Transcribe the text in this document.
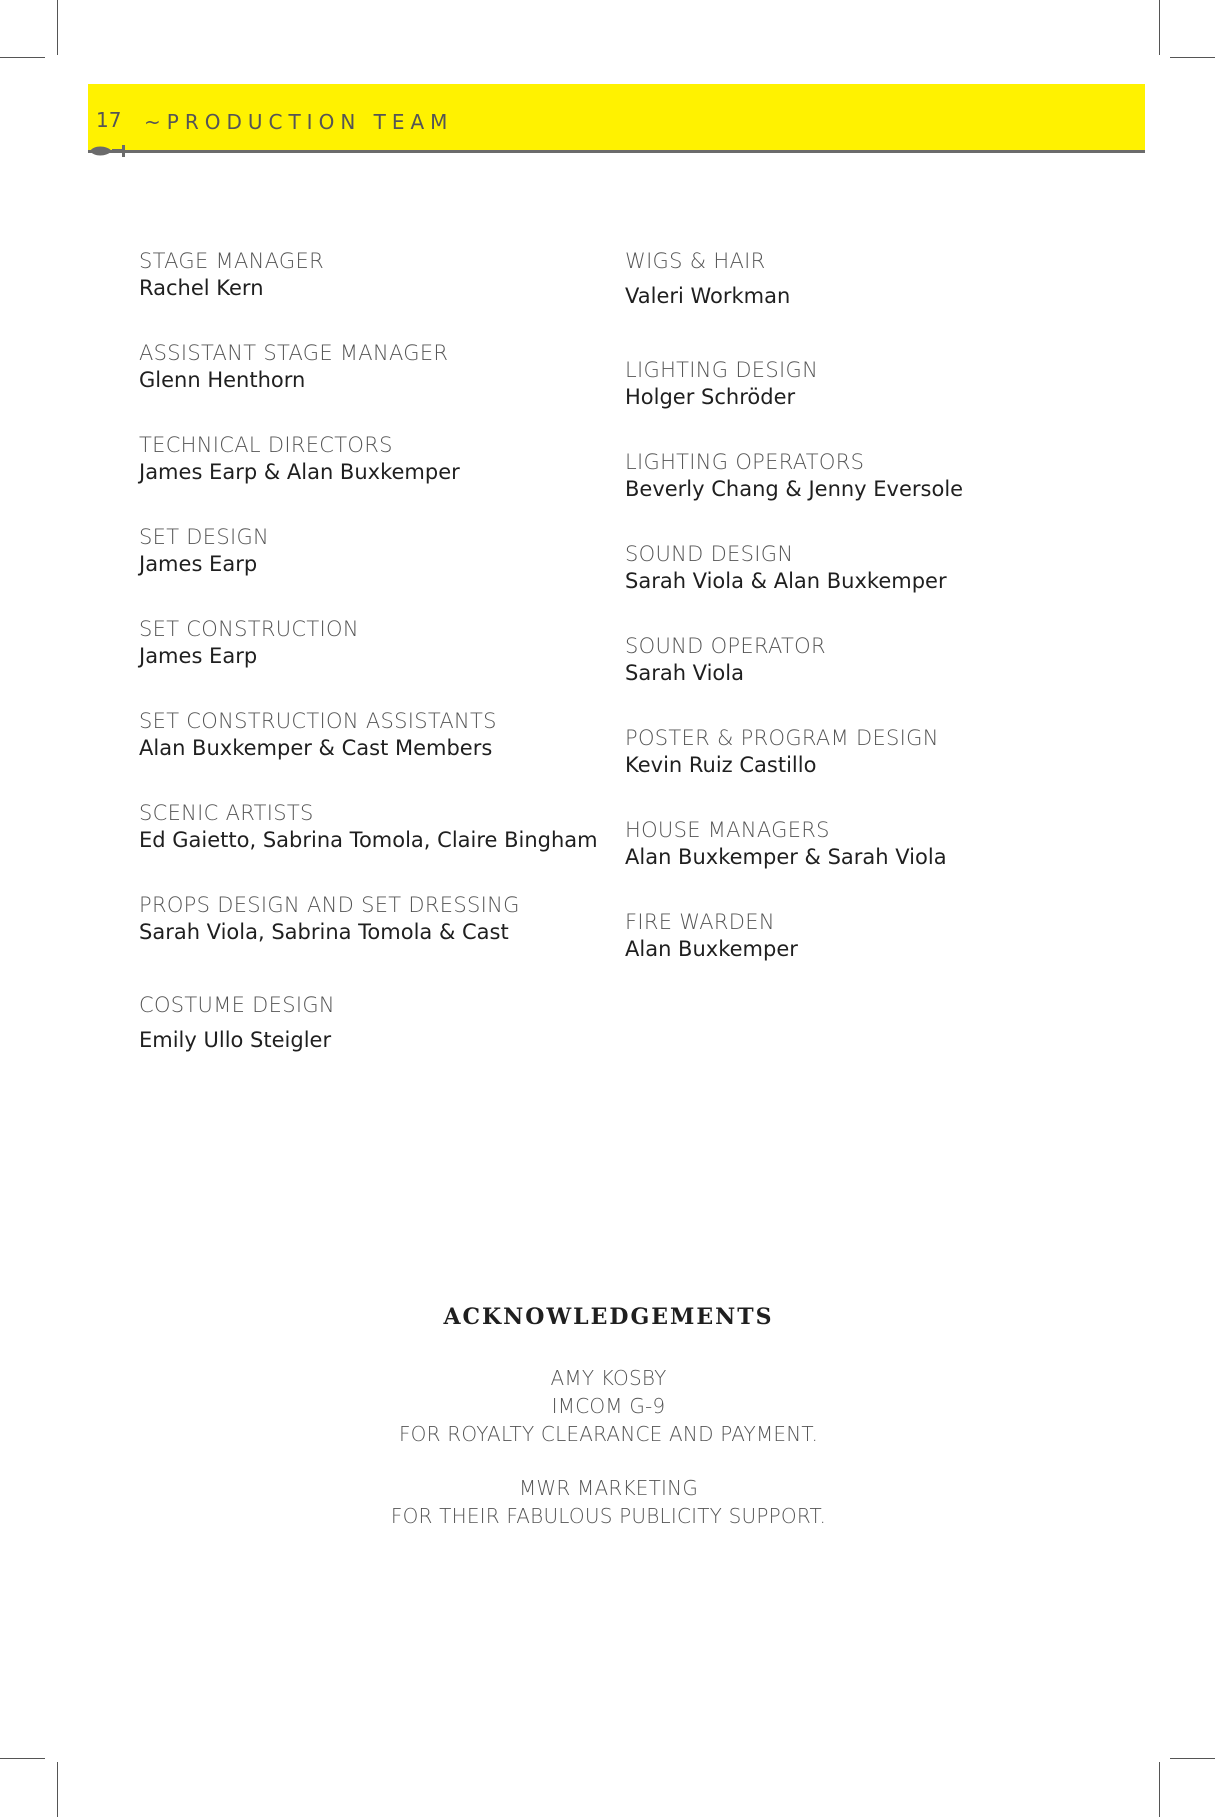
17 ~PRODUCTION TEAM
STAGE MANAGER
Rachel Kern
ASSISTANT STAGE MANAGER
Glenn Henthorn
TECHNICAL DIRECTORS
James Earp & Alan Buxkemper
SET DESIGN
James Earp
SET CONSTRUCTION
James Earp
SET CONSTRUCTION ASSISTANTS
Alan Buxkemper & Cast Members
SCENIC ARTISTS
Ed Gaietto, Sabrina Tomola, Claire Bingham
PROPS DESIGN AND SET DRESSING
Sarah Viola, Sabrina Tomola & Cast
COSTUME DESIGN
Emily Ullo Steigler
WIGS & HAIR
Valeri Workman
LIGHTING DESIGN
Holger Schröder
LIGHTING OPERATORS
Beverly Chang & Jenny Eversole
SOUND DESIGN
Sarah Viola & Alan Buxkemper
SOUND OPERATOR
Sarah Viola
POSTER & PROGRAM DESIGN
Kevin Ruiz Castillo
HOUSE MANAGERS
Alan Buxkemper & Sarah Viola
FIRE WARDEN
Alan Buxkemper
ACKNOWLEDGEMENTS
AMY KOSBY
IMCOM G-9
FOR ROYALTY CLEARANCE AND PAYMENT.
MWR MARKETING
FOR THEIR FABULOUS PUBLICITY SUPPORT.
